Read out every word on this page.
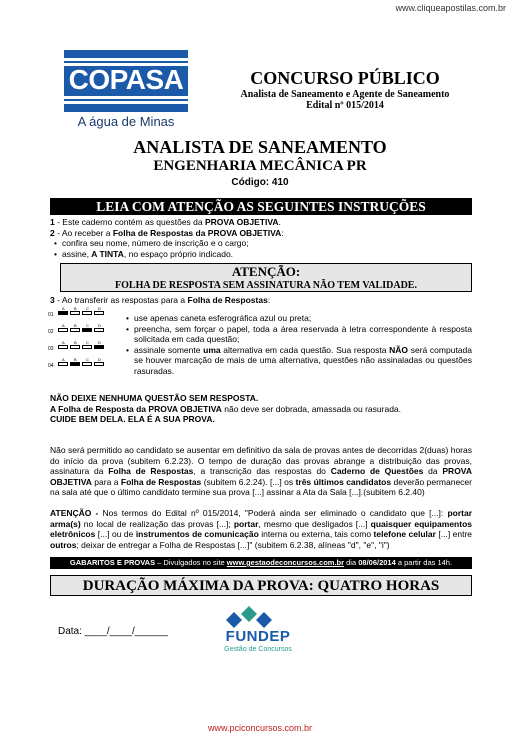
www.cliqueapostilas.com.br
COPASA
A água de Minas
CONCURSO PÚBLICO
Analista de Saneamento e Agente de Saneamento
Edital nº 015/2014
ANALISTA DE SANEAMENTO
ENGENHARIA MECÂNICA PR
Código: 410
LEIA COM ATENÇÃO AS SEGUINTES INSTRUÇÕES
1 - Este caderno contém as questões da PROVA OBJETIVA.
2 - Ao receber a Folha de Respostas da PROVA OBJETIVA:
• confira seu nome, número de inscrição e o cargo;
• assine, A TINTA, no espaço próprio indicado.
ATENÇÃO:
FOLHA DE RESPOSTA SEM ASSINATURA NÃO TEM VALIDADE.
3 - Ao transferir as respostas para a Folha de Respostas:
01
A B C D
02
A B C D
03
A B C D
04
A B C D
• use apenas caneta esferográfica azul ou preta;
• preencha, sem forçar o papel, toda a área reservada à letra correspondente à resposta solicitada em cada questão;
• assinale somente uma alternativa em cada questão. Sua resposta NÃO será computada se houver marcação de mais de uma alternativa, questões não assinaladas ou questões rasuradas.
NÃO DEIXE NENHUMA QUESTÃO SEM RESPOSTA.
A Folha de Resposta da PROVA OBJETIVA não deve ser dobrada, amassada ou rasurada.
CUIDE BEM DELA. ELA É A SUA PROVA.
Não será permitido ao candidato se ausentar em definitivo da sala de provas antes de decorridas 2(duas) horas do início da prova (subitem 6.2.23). O tempo de duração das provas abrange a distribuição das provas, assinatura da Folha de Respostas, a transcrição das respostas do Caderno de Questões da PROVA OBJETIVA para a Folha de Respostas (subitem 6.2.24). [...] os três últimos candidatos deverão permanecer na sala até que o último candidato termine sua prova [...] assinar a Ata da Sala [...].(subitem 6.2.40)
ATENÇÃO - Nos termos do Edital nº 015/2014, "Poderá ainda ser eliminado o candidato que [...]: portar arma(s) no local de realização das provas [...]; portar, mesmo que desligados [...] quaisquer equipamentos eletrônicos [...] ou de instrumentos de comunicação interna ou externa, tais como telefone celular [...] entre outros; deixar de entregar a Folha de Respostas [...]" (subitem 6.2.38, alíneas "d", "e", "i")
GABARITOS E PROVAS – Divulgados no site www.gestaodeconcursos.com.br dia 08/06/2014 a partir das 14h.
DURAÇÃO MÁXIMA DA PROVA: QUATRO HORAS
Data: ____/____/______	FUNDEP
Gestão de Concursos
www.pciconcursos.com.br
